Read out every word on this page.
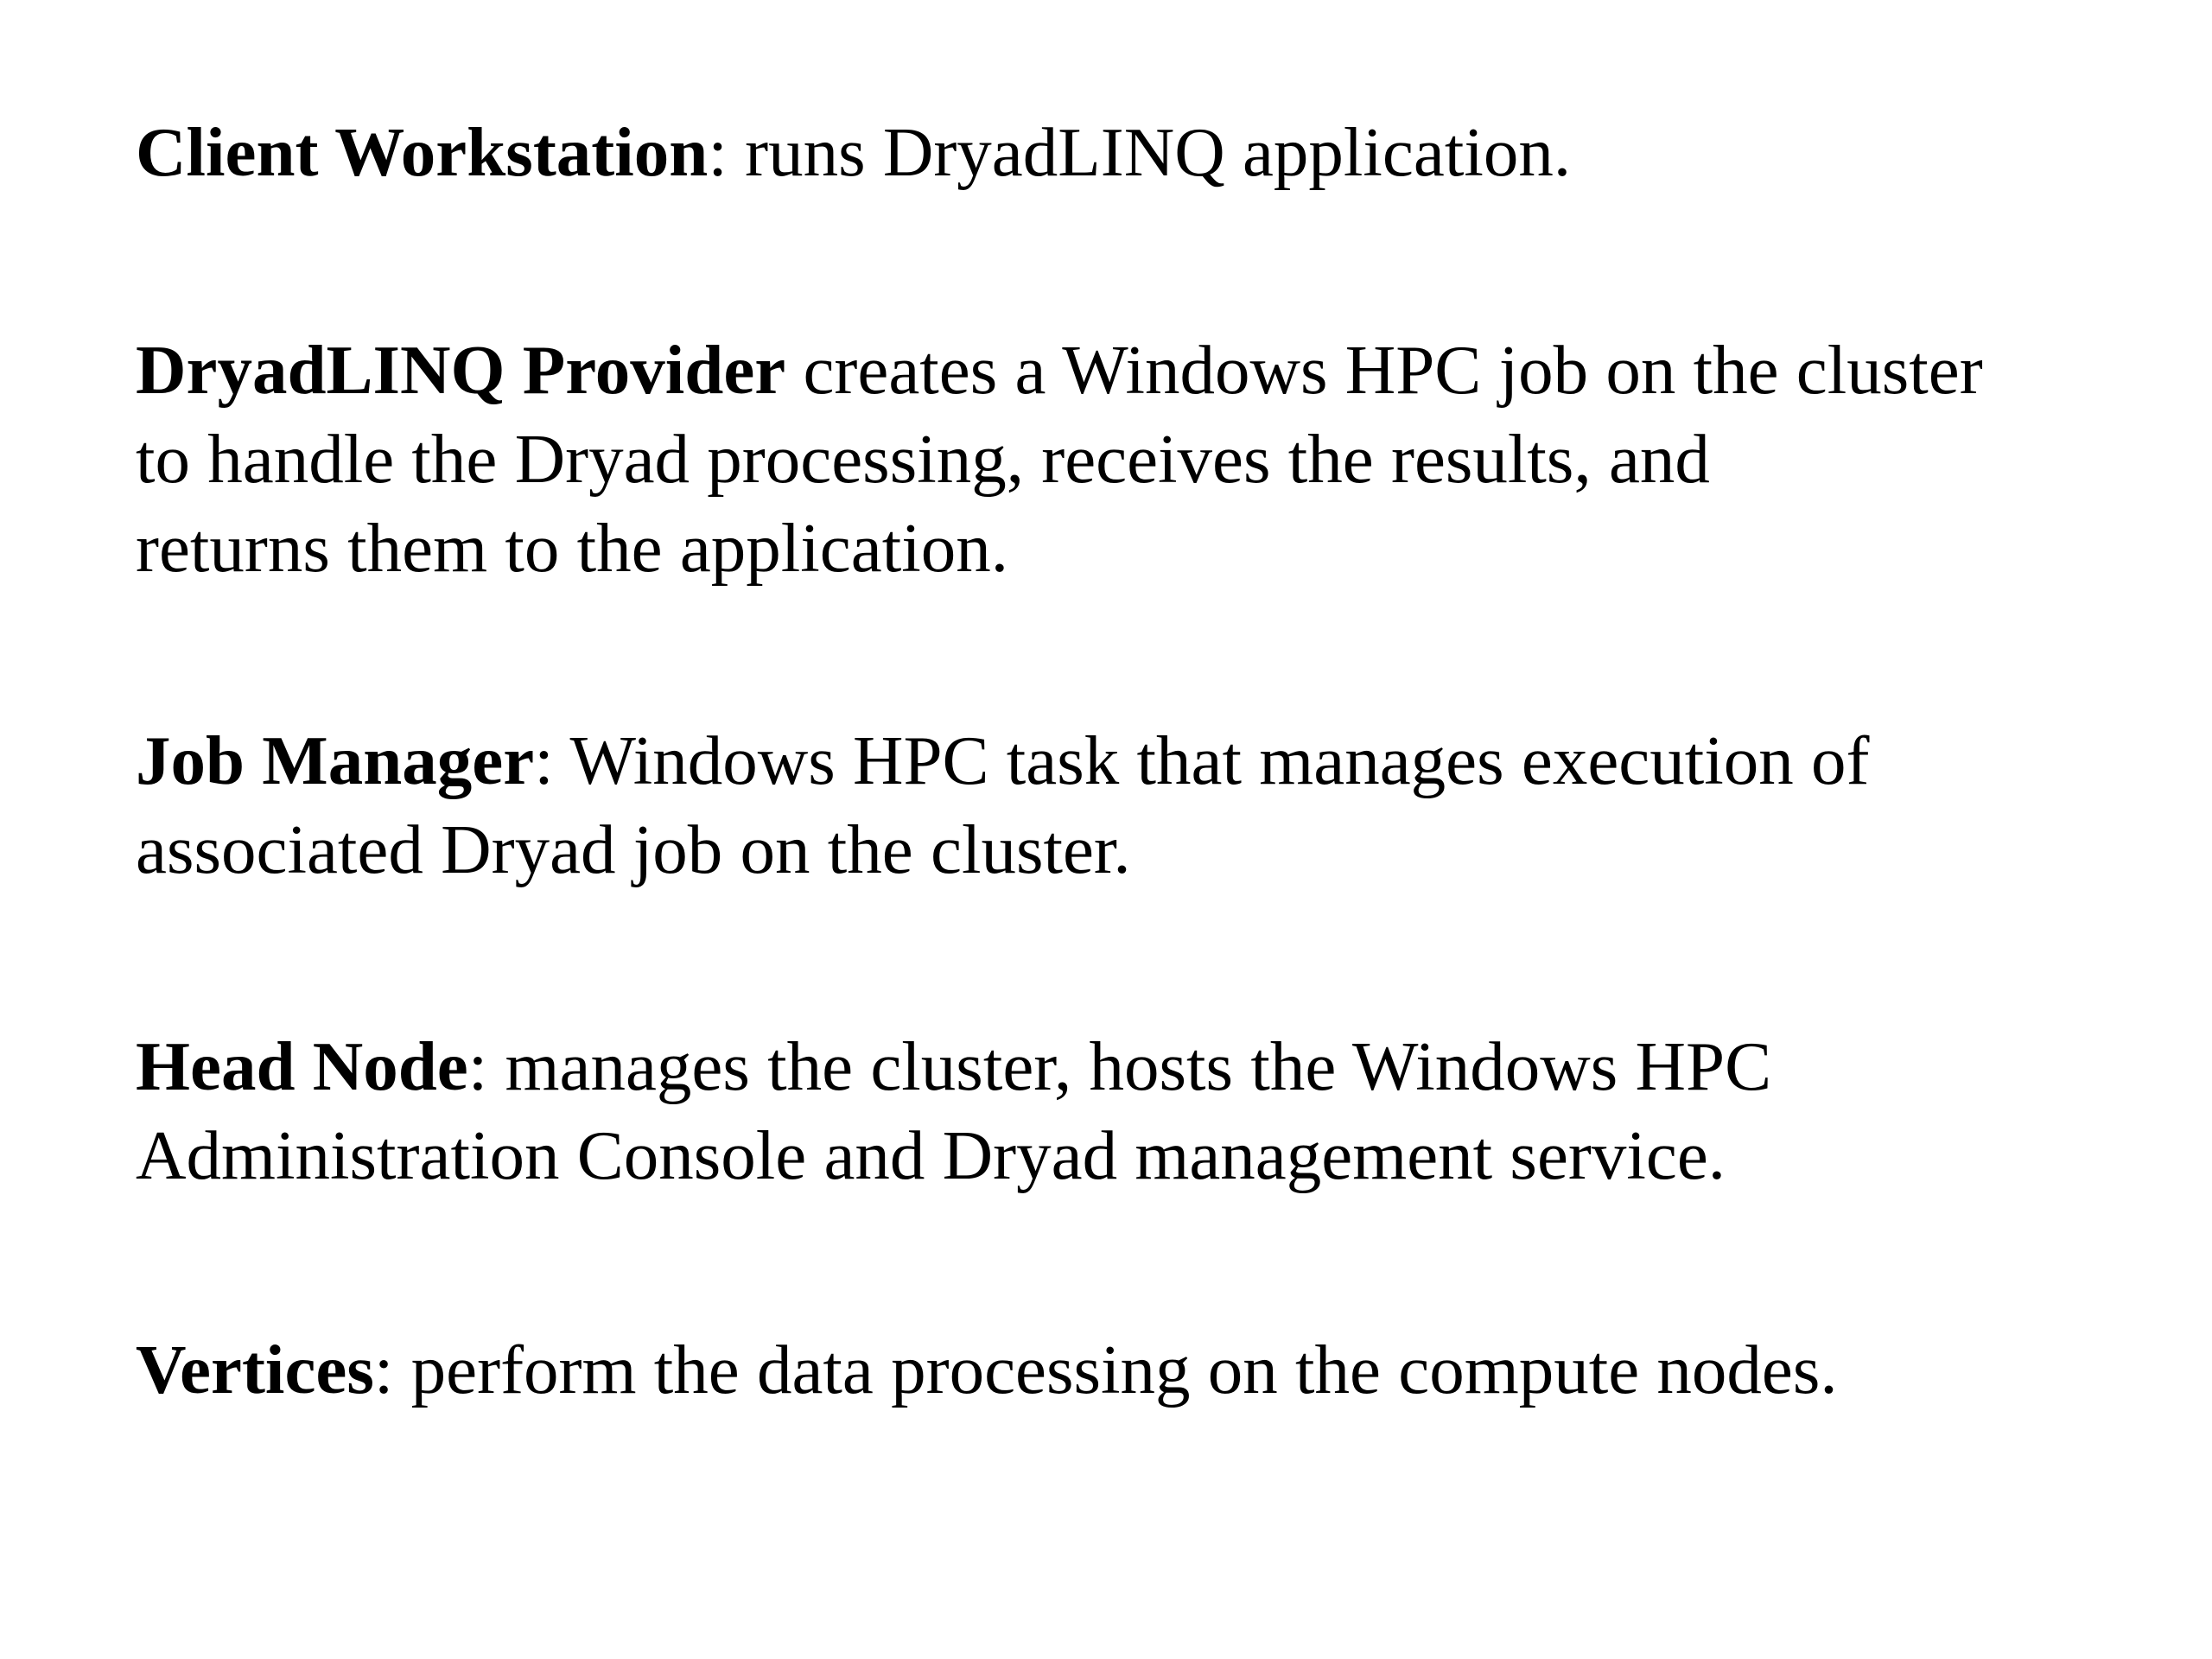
Client Workstation: runs DryadLINQ application.

DryadLINQ Provider creates a Windows HPC job on the cluster
to handle the Dryad processing, receives the results, and
returns them to the application.

Job Manager: Windows HPC task that manages execution of
associated Dryad job on the cluster.

Head Node: manages the cluster, hosts the Windows HPC
Administration Console and Dryad management service.

Vertices: perform the data processing on the compute nodes.
